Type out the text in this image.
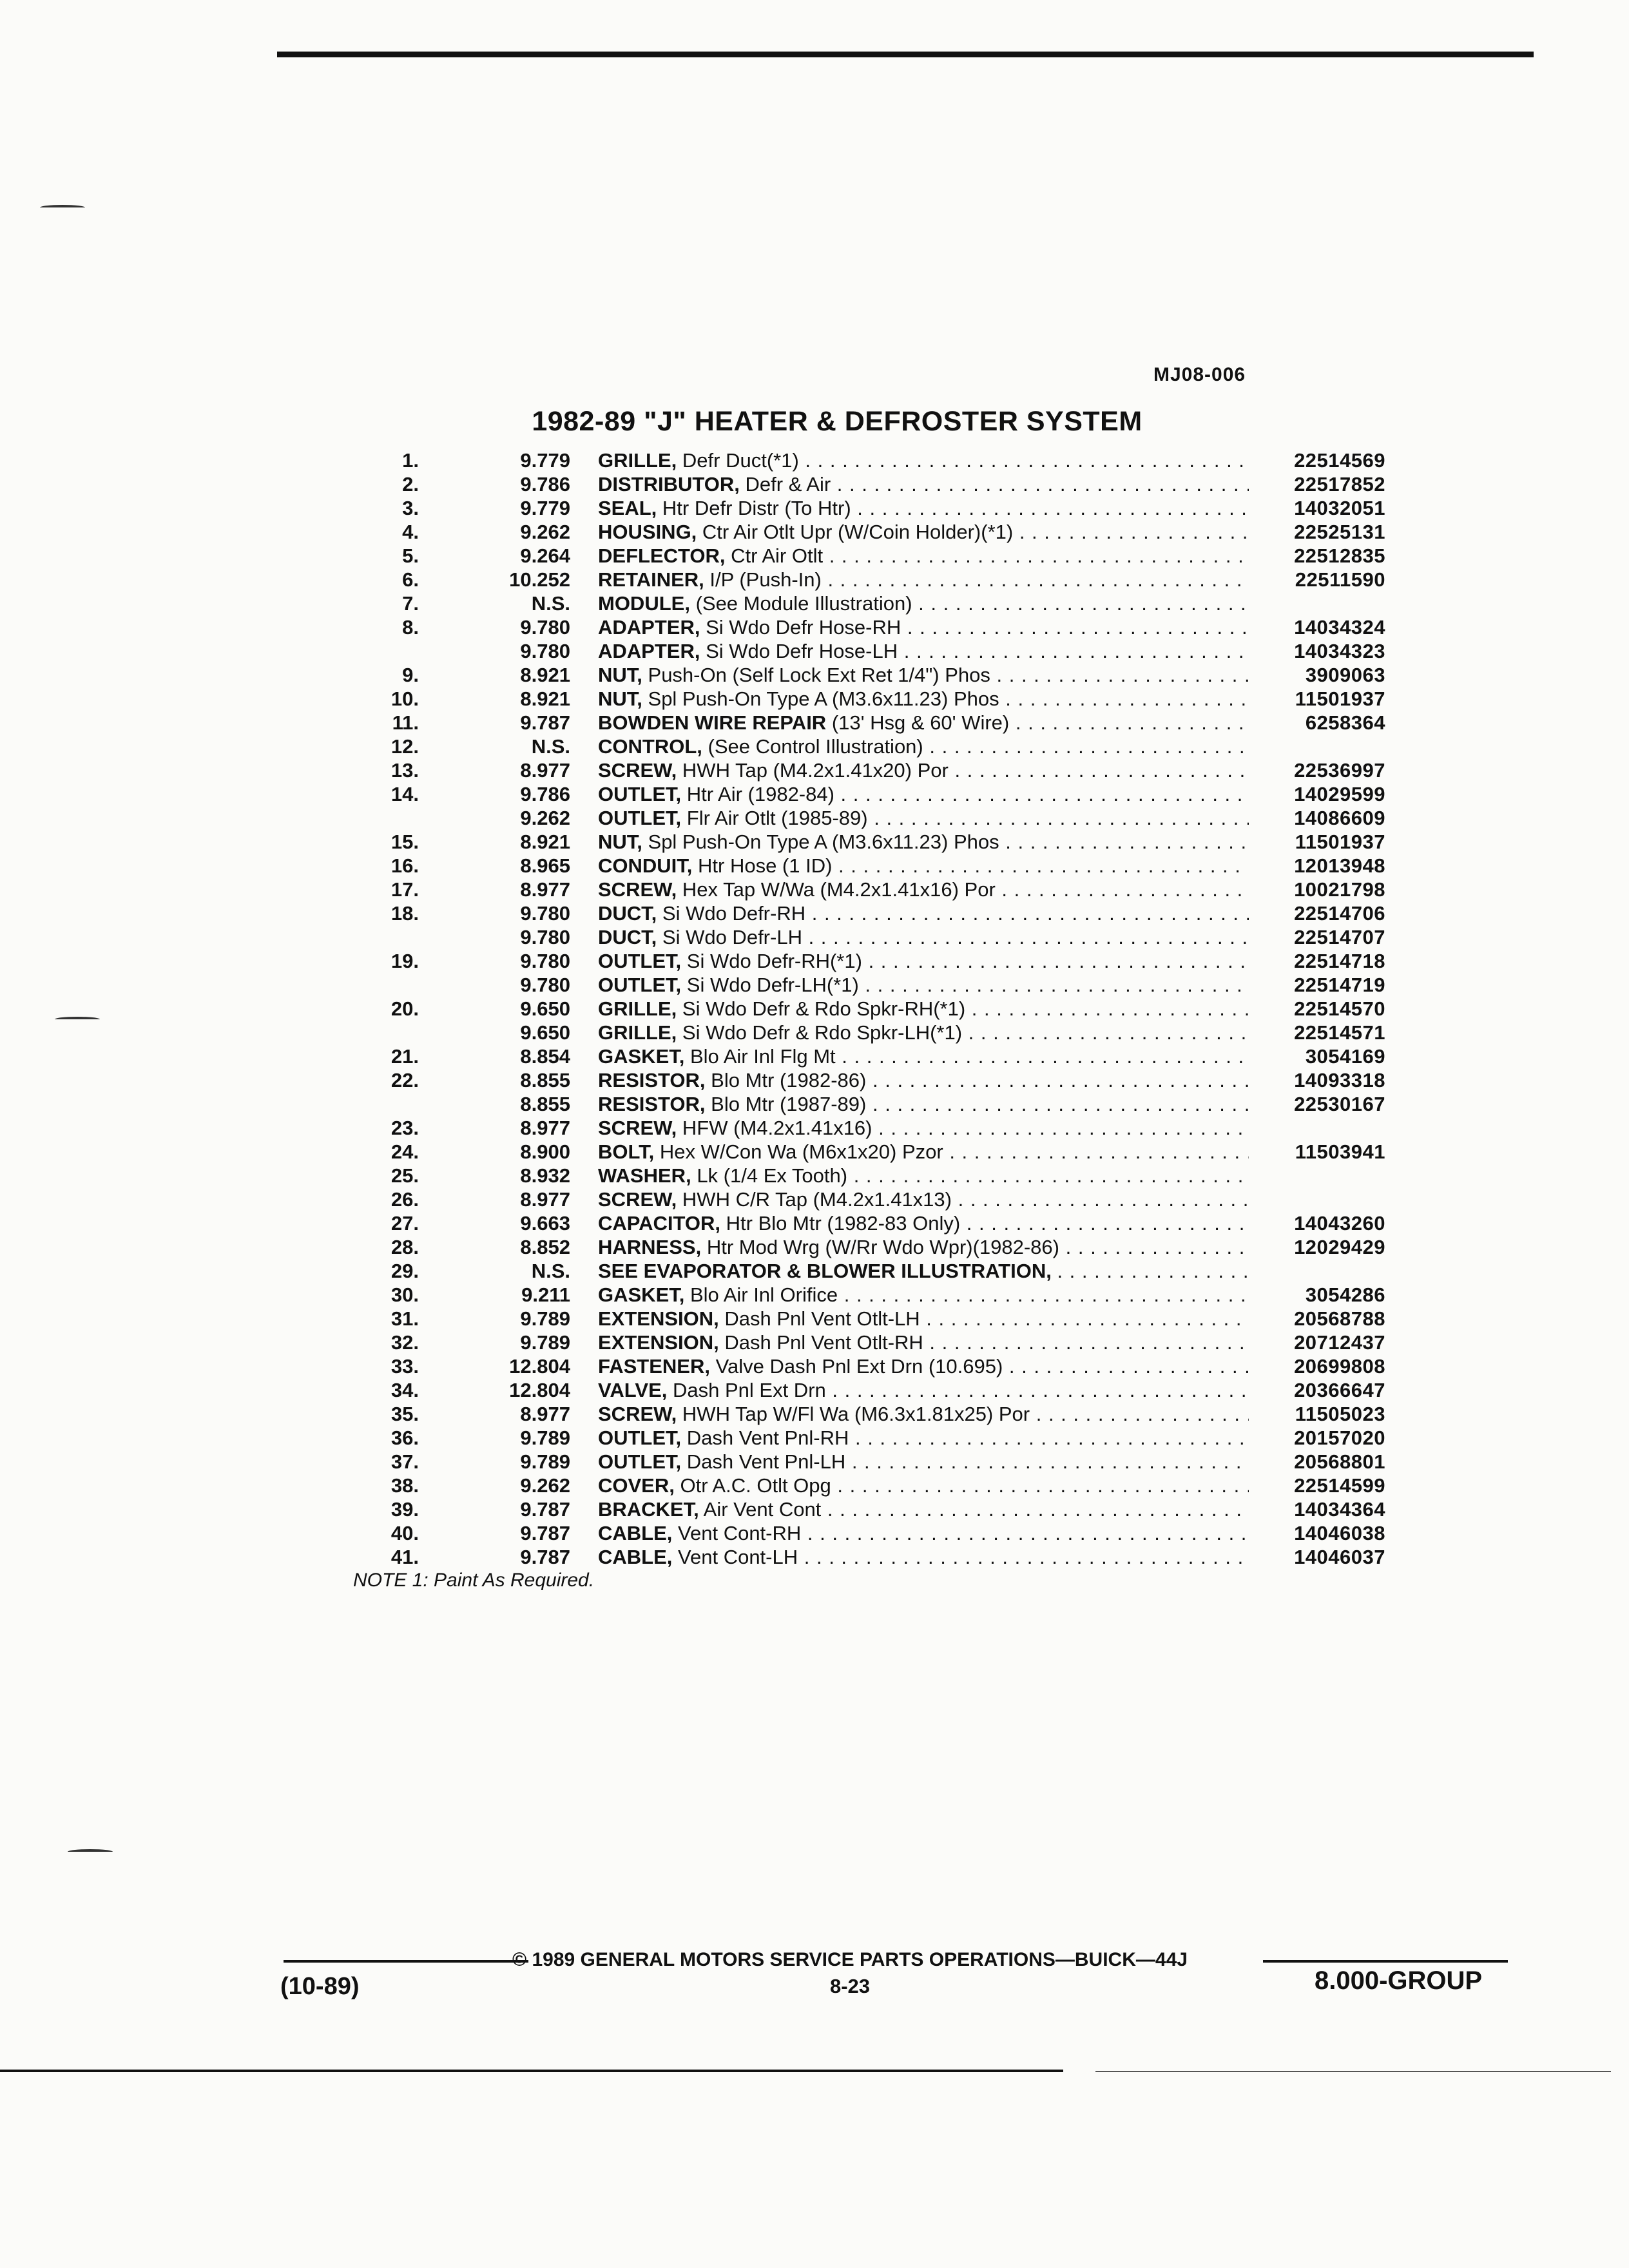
MJ08-006
1982-89 "J" HEATER & DEFROSTER SYSTEM
1.	9.779 GRILLE, Defr Duct(*1) . . .	22514569
2.	9.786 DISTRIBUTOR, Defr & Air . . .	22517852
3.	9.779 SEAL, Htr Defr Distr (To Htr) . . .	14032051
4.	9.262 HOUSING, Ctr Air Otlt Upr (W/Coin Holder)(*1) . . .	22525131
5.	9.264 DEFLECTOR, Ctr Air Otlt . . .	22512835
6.	10.252 RETAINER, I/P (Push-In) . . .	22511590
7.	N.S. MODULE, (See Module Illustration) . . .
8.	9.780 ADAPTER, Si Wdo Defr Hose-RH . . .	14034324
9.780 ADAPTER, Si Wdo Defr Hose-LH . . .	14034323
9.	8.921 NUT, Push-On (Self Lock Ext Ret 1/4") Phos . . .	3909063
10.	8.921 NUT, Spl Push-On Type A (M3.6x11.23) Phos . . .	11501937
11.	9.787 BOWDEN WIRE REPAIR (13' Hsg & 60' Wire) . . .	6258364
12.	N.S. CONTROL, (See Control Illustration) . . .
13.	8.977 SCREW, HWH Tap (M4.2x1.41x20) Por . . .	22536997
14.	9.786 OUTLET, Htr Air (1982-84) . . .	14029599
9.262 OUTLET, Flr Air Otlt (1985-89) . . .	14086609
15.	8.921 NUT, Spl Push-On Type A (M3.6x11.23) Phos . . .	11501937
16.	8.965 CONDUIT, Htr Hose (1 ID) . . .	12013948
17.	8.977 SCREW, Hex Tap W/Wa (M4.2x1.41x16) Por . . .	10021798
18.	9.780 DUCT, Si Wdo Defr-RH . . .	22514706
9.780 DUCT, Si Wdo Defr-LH . . .	22514707
19.	9.780 OUTLET, Si Wdo Defr-RH(*1) . . .	22514718
9.780 OUTLET, Si Wdo Defr-LH(*1) . . .	22514719
20.	9.650 GRILLE, Si Wdo Defr & Rdo Spkr-RH(*1) . . .	22514570
9.650 GRILLE, Si Wdo Defr & Rdo Spkr-LH(*1) . . .	22514571
21.	8.854 GASKET, Blo Air Inl Flg Mt . . .	3054169
22.	8.855 RESISTOR, Blo Mtr (1982-86) . . .	14093318
8.855 RESISTOR, Blo Mtr (1987-89) . . .	22530167
23.	8.977 SCREW, HFW (M4.2x1.41x16) . . .
24.	8.900 BOLT, Hex W/Con Wa (M6x1x20) Pzor . . .	11503941
25.	8.932 WASHER, Lk (1/4 Ex Tooth) . . .
26.	8.977 SCREW, HWH C/R Tap (M4.2x1.41x13) . . .
27.	9.663 CAPACITOR, Htr Blo Mtr (1982-83 Only) . . .	14043260
28.	8.852 HARNESS, Htr Mod Wrg (W/Rr Wdo Wpr)(1982-86) . . .	12029429
29.	N.S. SEE EVAPORATOR & BLOWER ILLUSTRATION, . . .
30.	9.211 GASKET, Blo Air Inl Orifice . . .	3054286
31.	9.789 EXTENSION, Dash Pnl Vent Otlt-LH . . .	20568788
32.	9.789 EXTENSION, Dash Pnl Vent Otlt-RH . . .	20712437
33.	12.804 FASTENER, Valve Dash Pnl Ext Drn (10.695) . . .	20699808
34.	12.804 VALVE, Dash Pnl Ext Drn . . .	20366647
35.	8.977 SCREW, HWH Tap W/Fl Wa (M6.3x1.81x25) Por . . .	11505023
36.	9.789 OUTLET, Dash Vent Pnl-RH . . .	20157020
37.	9.789 OUTLET, Dash Vent Pnl-LH . . .	20568801
38.	9.262 COVER, Otr A.C. Otlt Opg . . .	22514599
39.	9.787 BRACKET, Air Vent Cont . . .	14034364
40.	9.787 CABLE, Vent Cont-RH . . .	14046038
41.	9.787 CABLE, Vent Cont-LH . . .	14046037
NOTE 1: Paint As Required.
© 1989 GENERAL MOTORS SERVICE PARTS OPERATIONS—BUICK—44J
(10-89)	8-23	8.000-GROUP
